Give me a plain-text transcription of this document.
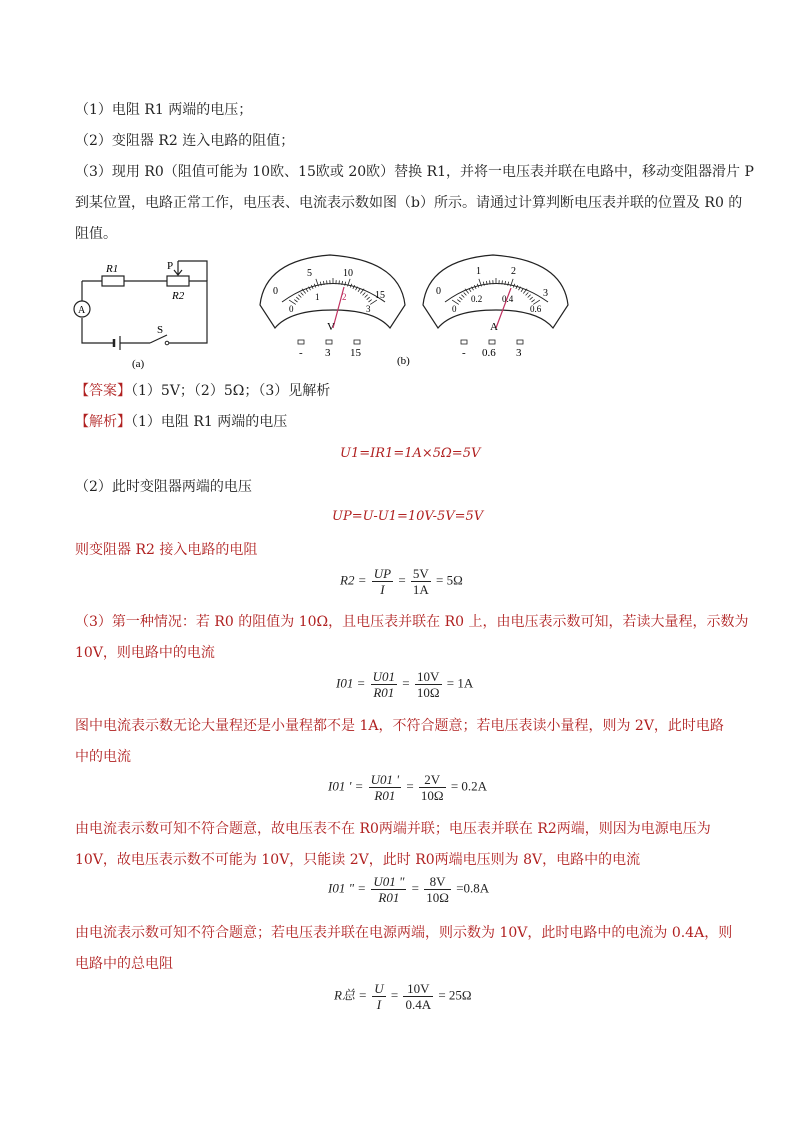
（1）电阻 R1 两端的电压；
（2）变阻器 R2 连入电路的阻值；
（3）现用 R0（阻值可能为 10欧、15欧或 20欧）替换 R1，并将一电压表并联在电路中，移动变阻器滑片 P
到某位置，电路正常工作，电压表、电流表示数如图（b）所示。请通过计算判断电压表并联的位置及 R0 的
阻值。
R1	P
R2
A
S
(a)
0
5	10
15
0
1	2
3
V
- 3 15
0
1	2
3
0
0.2 0.4
0.6
A
- 0.6 3
(b)
【答案】（1）5V；（2）5Ω；（3）见解析
【解析】（1）电阻 R1 两端的电压
U1=IR1=1A×5Ω=5V
（2）此时变阻器两端的电压
UP=U-U1=10V-5V=5V
则变阻器 R2 接入电路的电阻
$R2 = \frac{UP}{I} = \frac{5V}{1A} = 5\Omega$
（3）第一种情况：若 R0 的阻值为 10Ω，且电压表并联在 R0 上，由电压表示数可知，若读大量程，示数为
10V，则电路中的电流
$I01 = \frac{U01}{R01} = \frac{10V}{10\Omega} = 1A$
图中电流表示数无论大量程还是小量程都不是 1A，不符合题意；若电压表读小量程，则为 2V，此时电路
中的电流
I01 ' = $\frac{U01 '}{R01} = \frac{2V}{10\Omega} = 0.2A$
由电流表示数可知不符合题意，故电压表不在 R0两端并联；电压表并联在 R2两端，则因为电源电压为
10V，故电压表示数不可能为 10V，只能读 2V，此时 R0两端电压则为 8V，电路中的电流
I01 " = $\frac{U01 "}{R01} = \frac{8V}{10\Omega} =0.8A$
由电流表示数可知不符合题意；若电压表并联在电源两端，则示数为 10V，此时电路中的电流为 0.4A，则
电路中的总电阻
R总 = $\frac{U}{I} = \frac{10V}{0.4A} = 25\Omega$
